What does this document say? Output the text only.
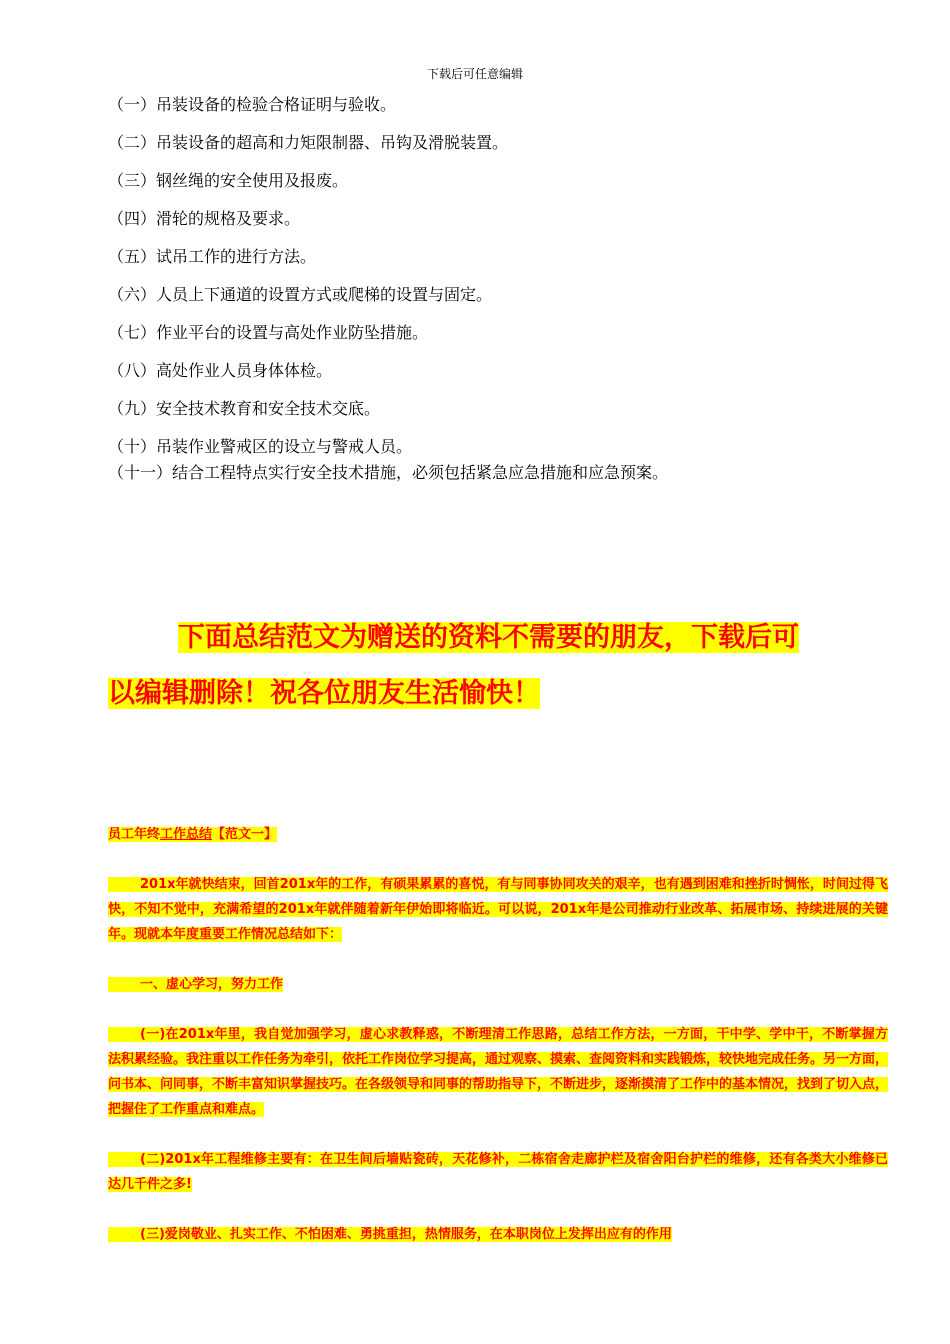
下载后可任意编辑
（一）吊装设备的检验合格证明与验收。
（二）吊装设备的超高和力矩限制器、吊钩及滑脱装置。
（三）钢丝绳的安全使用及报废。
（四）滑轮的规格及要求。
（五）试吊工作的进行方法。
（六）人员上下通道的设置方式或爬梯的设置与固定。
（七）作业平台的设置与高处作业防坠措施。
（八）高处作业人员身体体检。
（九）安全技术教育和安全技术交底。
（十）吊装作业警戒区的设立与警戒人员。
（十一）结合工程特点实行安全技术措施，必须包括紧急应急措施和应急预案。
下面总结范文为赠送的资料不需要的朋友，下载后可
以编辑删除！祝各位朋友生活愉快！

员工年终工作总结【范文一】

201x年就快结束，回首201x年的工作，有硕果累累的喜悦，有与同事协同攻关的艰辛，也有遇到困难和挫折时惆怅，时间过得飞快，不知不觉中，充满希望的201x年就伴随着新年伊始即将临近。可以说，201x年是公司推动行业改革、拓展市场、持续进展的关键年。现就本年度重要工作情况总结如下：

一、虚心学习，努力工作

(一)在201x年里，我自觉加强学习，虚心求教释惑，不断理清工作思路，总结工作方法，一方面，干中学、学中干，不断掌握方法积累经验。我注重以工作任务为牵引，依托工作岗位学习提高，通过观察、摸索、查阅资料和实践锻炼，较快地完成任务。另一方面，问书本、问同事，不断丰富知识掌握技巧。在各级领导和同事的帮助指导下，不断进步，逐渐摸清了工作中的基本情况，找到了切入点，把握住了工作重点和难点。

(二)201x年工程维修主要有：在卫生间后墙贴瓷砖，天花修补，二栋宿舍走廊护栏及宿舍阳台护栏的维修，还有各类大小维修已达几千件之多!

(三)爱岗敬业、扎实工作、不怕困难、勇挑重担，热情服务，在本职岗位上发挥出应有的作用
